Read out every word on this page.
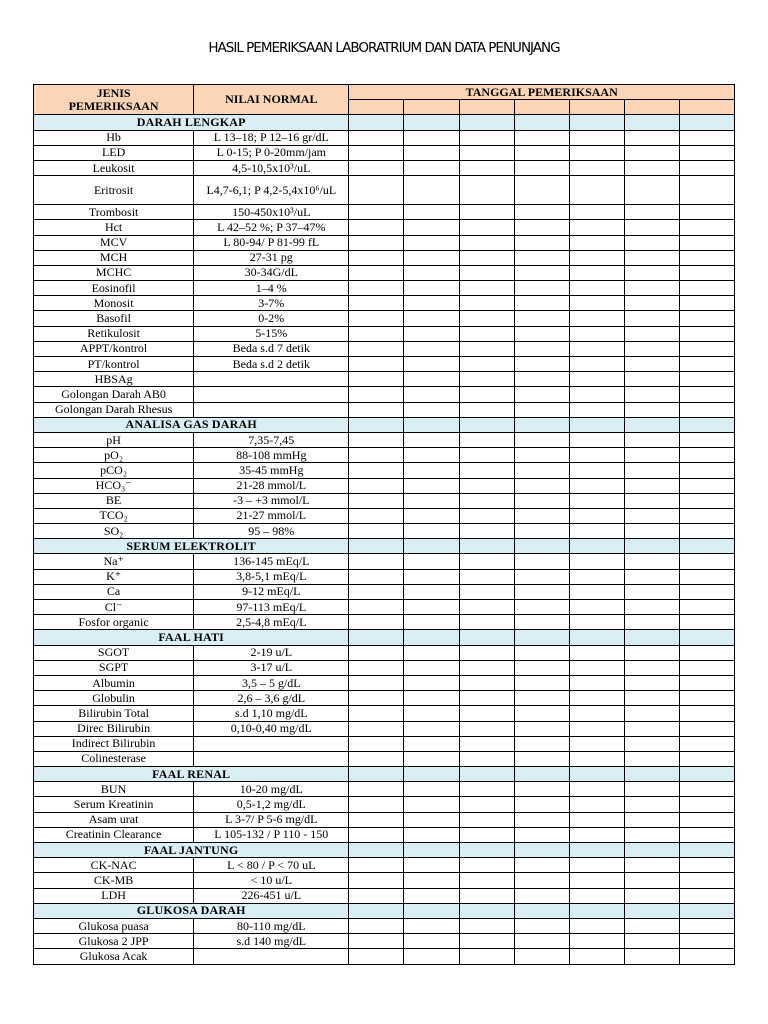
HASIL PEMERIKSAAN LABORATRIUM DAN DATA PENUNJANG
JENIS
PEMERIKSAAN	NILAI NORMAL	TANGGAL PEMERIKSAAN						

DARAH LENGKAP								
Hb	L 13–18; P 12–16 gr/dL							
LED	L 0-15; P 0-20mm/jam							
Leukosit	4,5-10,5x10³/uL							
Eritrosit	L4,7-6,1; P 4,2-5,4x10⁶/uL							
Trombosit	150-450x10³/uL							
Hct	L 42–52 %; P 37–47%							
MCV	L 80-94/ P 81-99 fL							
MCH	27-31 pg							
MCHC	30-34G/dL							
Eosinofil	1–4 %							
Monosit	3-7%							
Basofil	0-2%							
Retikulosit	5-15%							
APPT/kontrol	Beda s.d 7 detik							
PT/kontrol	Beda s.d 2 detik							
HBSAg								
Golongan Darah AB0								
Golongan Darah Rhesus								
ANALISA GAS DARAH								
pH	7,35-7,45							
pO₂	88-108 mmHg							
pCO₂	35-45 mmHg							
HCO₃⁻	21-28 mmol/L							
BE	-3 – +3 mmol/L							
TCO₂	21-27 mmol/L							
SO₂	95 – 98%							
SERUM ELEKTROLIT								
Na⁺	136-145 mEq/L							
K⁺	3,8-5,1 mEq/L							
Ca	9-12 mEq/L							
Cl⁻	97-113 mEq/L							
Fosfor organic	2,5-4,8 mEq/L							
FAAL HATI								
SGOT	2-19 u/L							
SGPT	3-17 u/L							
Albumin	3,5 – 5 g/dL							
Globulin	2,6 – 3,6 g/dL							
Bilirubin Total	s.d 1,10 mg/dL							
Direc Bilirubin	0,10-0,40 mg/dL							
Indirect Bilirubin								
Colinesterase								
FAAL RENAL								
BUN	10-20 mg/dL							
Serum Kreatinin	0,5-1,2 mg/dL							
Asam urat	L 3-7/ P 5-6 mg/dL							
Creatinin Clearance	L 105-132 / P 110 - 150							
FAAL JANTUNG								
CK-NAC	L < 80 / P < 70 uL							
CK-MB	< 10 u/L							
LDH	226-451 u/L							
GLUKOSA DARAH								
Glukosa puasa	80-110 mg/dL							
Glukosa 2 JPP	s.d 140 mg/dL							
Glukosa Acak								
